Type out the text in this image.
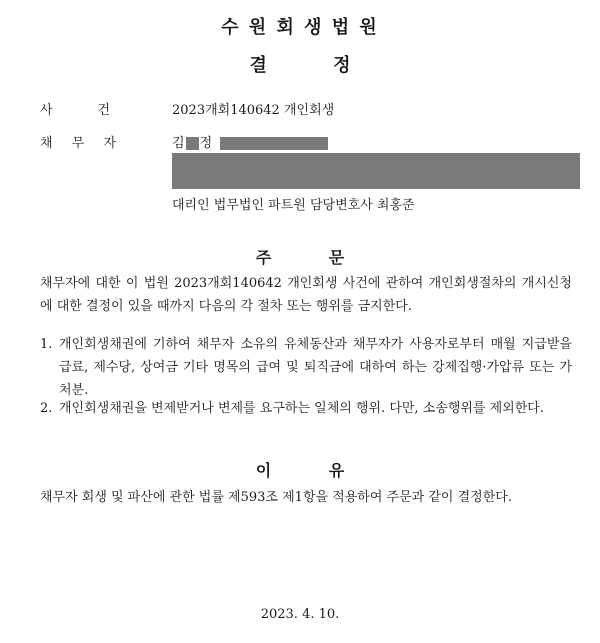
수 원 회 생 법 원
결 정
사	건	2023개회140642 개인회생
채 무 자	김 정
대리인 법무법인 파트원 담당변호사 최홍준
주 문
채무자에 대한 이 법원 2023개회140642 개인회생 사건에 관하여 개인회생절차의 개시신청에 대한 결정이 있을 때까지 다음의 각 절차 또는 행위를 금지한다.
1. 개인회생채권에 기하여 채무자 소유의 유체동산과 채무자가 사용자로부터 매월 지급받을 급료, 제수당, 상여금 기타 명목의 급여 및 퇴직금에 대하여 하는 강제집행·가압류 또는 가처분.
2. 개인회생채권을 변제받거나 변제를 요구하는 일체의 행위. 다만, 소송행위를 제외한다.
이 유
채무자 회생 및 파산에 관한 법률 제593조 제1항을 적용하여 주문과 같이 결정한다.
2023. 4. 10.
